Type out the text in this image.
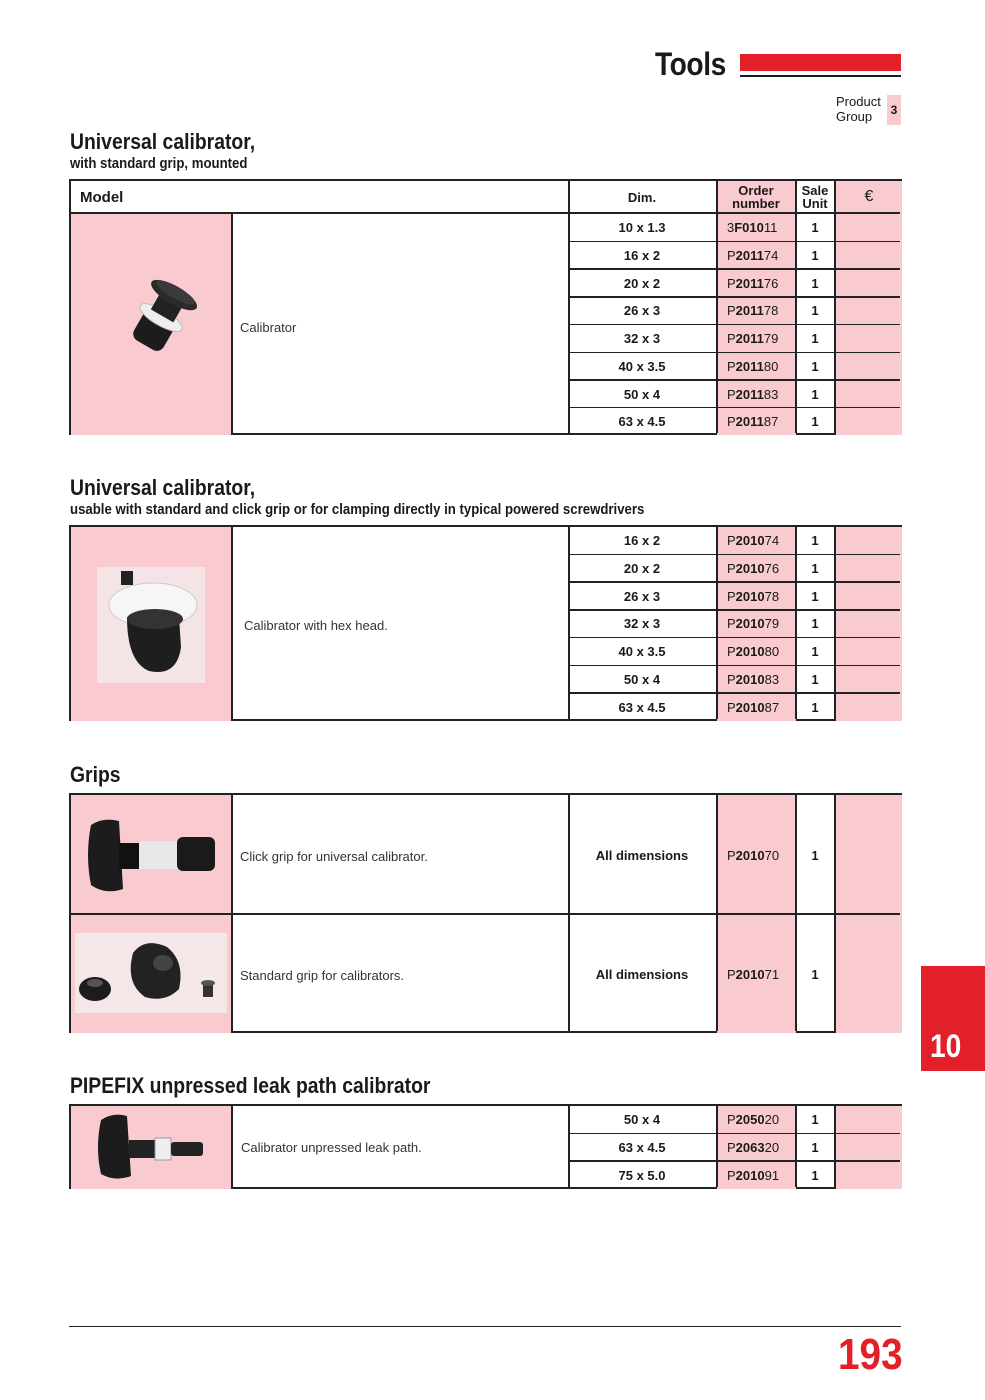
Tools
Product
Group	3
Universal calibrator,
with standard grip, mounted
Model	Dim.	Order
number
Sale
Unit	€
10 x 1.3	3 F010 11	1
16 x 2	P 2011 74	1
20 x 2	P 2011 76	1
26 x 3	P 2011 78	1
32 x 3	P 2011 79	1
40 x 3.5	P 2011 80	1
50 x 4	P 2011 83	1
63 x 4.5	P 2011 87	1
Calibrator
Universal calibrator,
usable with standard and click grip or for clamping directly in typical powered screwdrivers
16 x 2	P 2010 74	1
20 x 2	P 2010 76	1
26 x 3	P 2010 78	1
32 x 3	P 2010 79	1
40 x 3.5	P 2010 80	1
50 x 4	P 2010 83	1
63 x 4.5	P 2010 87	1
Calibrator with hex head.
Grips
Click grip for universal calibrator.	All dimensions	P 2010 70	1
Standard grip for calibrators.	All dimensions	P 2010 71	1
PIPEFIX unpressed leak path calibrator
50 x 4	P 2050 20	1
63 x 4.5	P 2063 20	1
75 x 5.0	P 2010 91	1
Calibrator unpressed leak path.
10
193
